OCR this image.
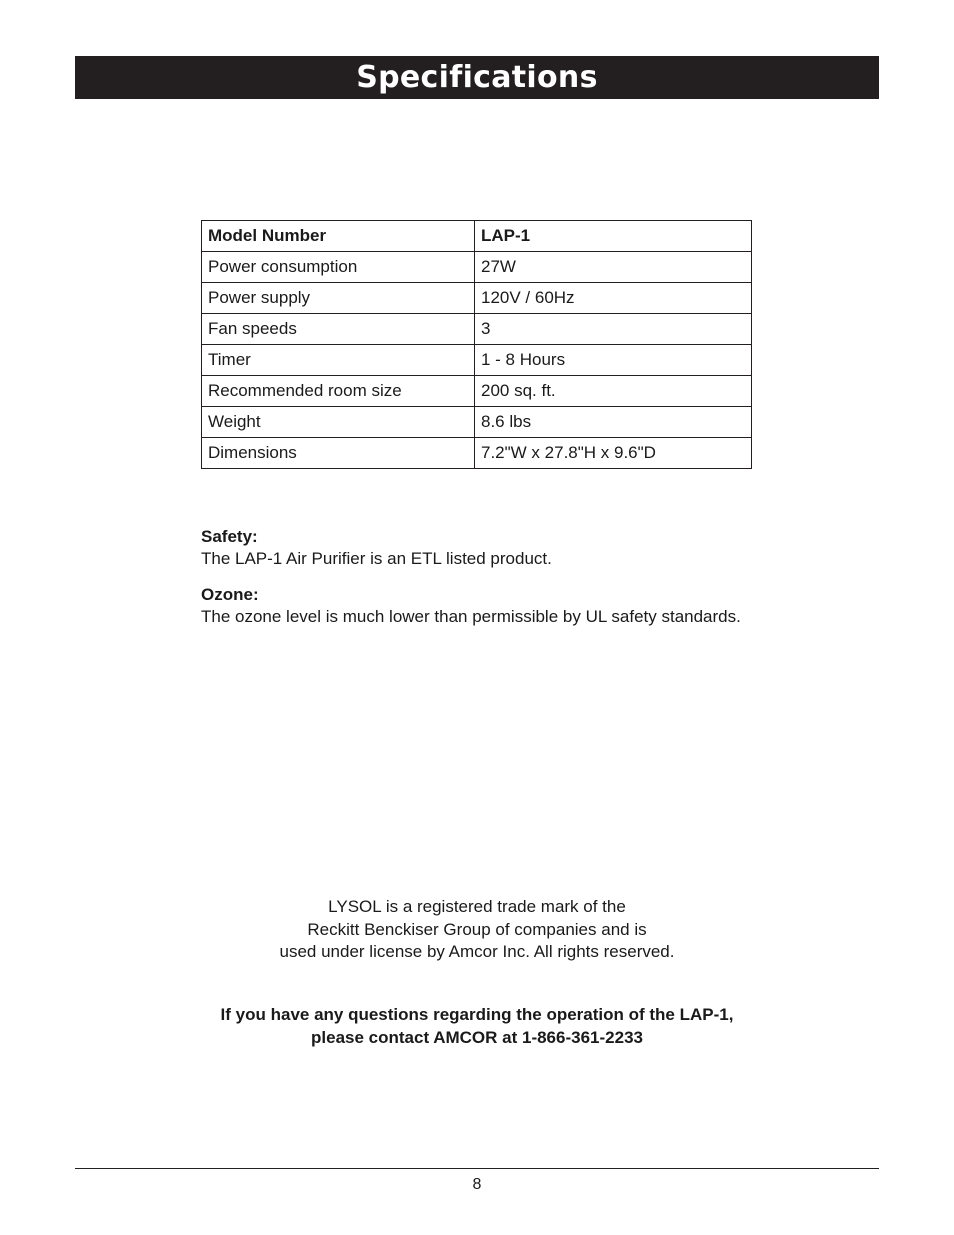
Specifications
Model Number	LAP-1
Power consumption	27W
Power supply	120V / 60Hz
Fan speeds	3
Timer	1 - 8 Hours
Recommended room size	200 sq. ft.
Weight	8.6 lbs
Dimensions	7.2"W x 27.8"H x 9.6"D
Safety:
The LAP-1 Air Purifier is an ETL listed product.
Ozone:
The ozone level is much lower than permissible by UL safety standards.
LYSOL is a registered trade mark of the
Reckitt Benckiser Group of companies and is
used under license by Amcor Inc. All rights reserved.
If you have any questions regarding the operation of the LAP-1,
please contact AMCOR at 1-866-361-2233
8
